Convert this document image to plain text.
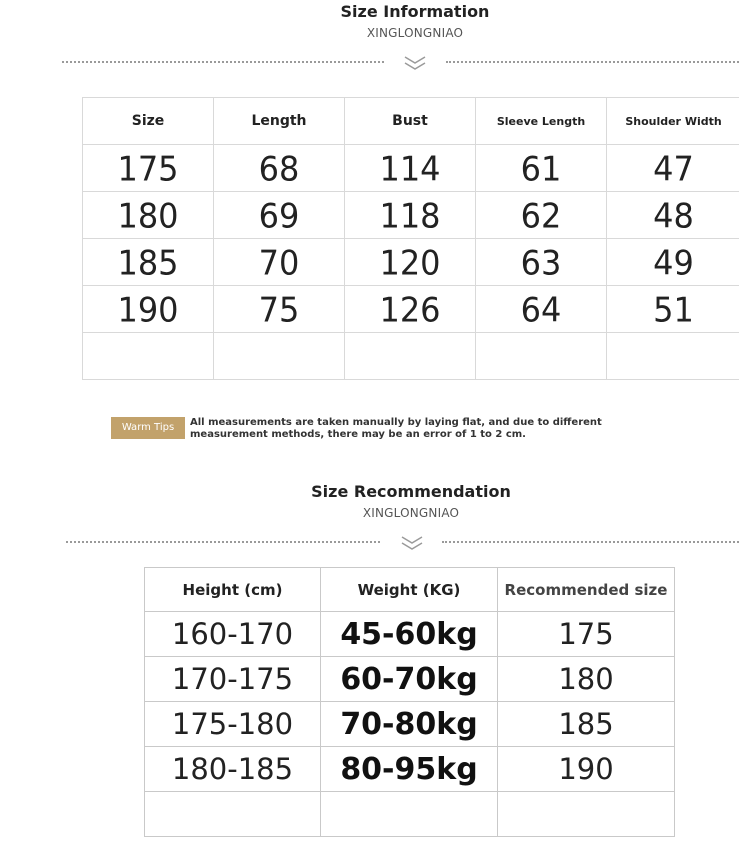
Size Information
XINGLONGNIAO
Size	Length	Bust	Sleeve Length	Shoulder Width
175	68	114	61	47
180	69	118	62	48
185	70	120	63	49
190	75	126	64	51

Warm Tips	All measurements are taken manually by laying flat, and due to different
measurement methods, there may be an error of 1 to 2 cm.
Size Recommendation
XINGLONGNIAO
Height (cm)	Weight (KG)	Recommended size
160-170	45-60kg	175
170-175	60-70kg	180
175-180	70-80kg	185
180-185	80-95kg	190
